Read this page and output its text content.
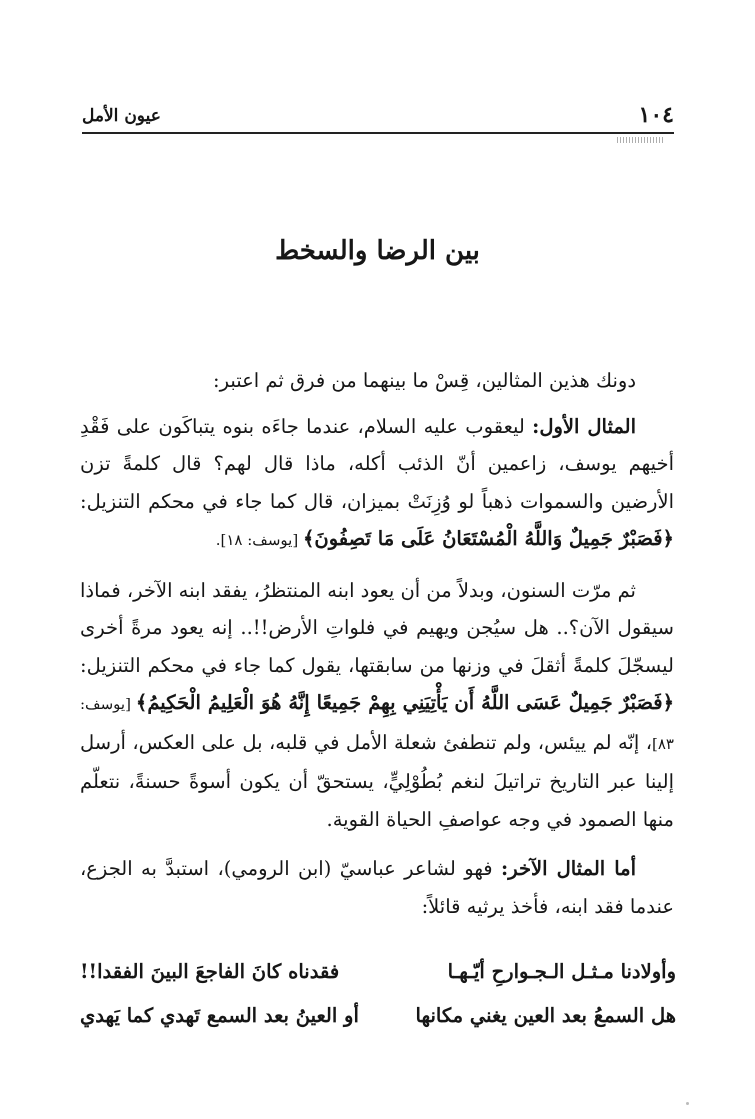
١٠٤
عيون الأمل
بين الرضا والسخط

دونك هذين المثالين، قِسْ ما بينهما من فرق ثم اعتبر:

المثال الأول: ليعقوب عليه السلام، عندما جاءَه بنوه يتباكَون على فَقْدِ أخيهم يوسف، زاعمين أنّ الذئب أكله، ماذا قال لهم؟ قال كلمةً تزن الأرضين والسموات ذهباً لو وُزِنَتْ بميزان، قال كما جاء في محكم التنزيل: ﴿فَصَبْرٌ جَمِيلٌ وَاللَّهُ الْمُسْتَعَانُ عَلَى مَا تَصِفُونَ﴾ [يوسف: ١٨].

ثم مرّت السنون، وبدلاً من أن يعود ابنه المنتظرُ، يفقد ابنه الآخر، فماذا سيقول الآن؟.. هل سيُجن ويهيم في فلواتِ الأرض!!.. إنه يعود مرةً أخرى ليسجّلَ كلمةً أثقلَ في وزنها من سابقتها، يقول كما جاء في محكم التنزيل: ﴿فَصَبْرٌ جَمِيلٌ عَسَى اللَّهُ أَن يَأْتِيَنِي بِهِمْ جَمِيعًا إِنَّهُ هُوَ الْعَلِيمُ الْحَكِيمُ﴾ [يوسف: ٨٣]، إنّه لم ييئس، ولم تنطفئ شعلة الأمل في قلبه، بل على العكس، أرسل إلينا عبر التاريخ تراتيلَ لنغم بُطُوْلِيٍّ، يستحقّ أن يكون أسوةً حسنةً، نتعلّم منها الصمود في وجه عواصفِ الحياة القوية.

أما المثال الآخر: فهو لشاعر عباسيّ (ابن الرومي)، استبدَّ به الجزع، عندما فقد ابنه، فأخذ يرثيه قائلاً:

وأولادنا مـثـل الـجـوارحِ أيّـهـا
فقدناه كانَ الفاجعَ البينَ الفقدا!!
هل السمعُ بعد العين يغني مكانها
أو العينُ بعد السمع تَهدي كما يَهدي
